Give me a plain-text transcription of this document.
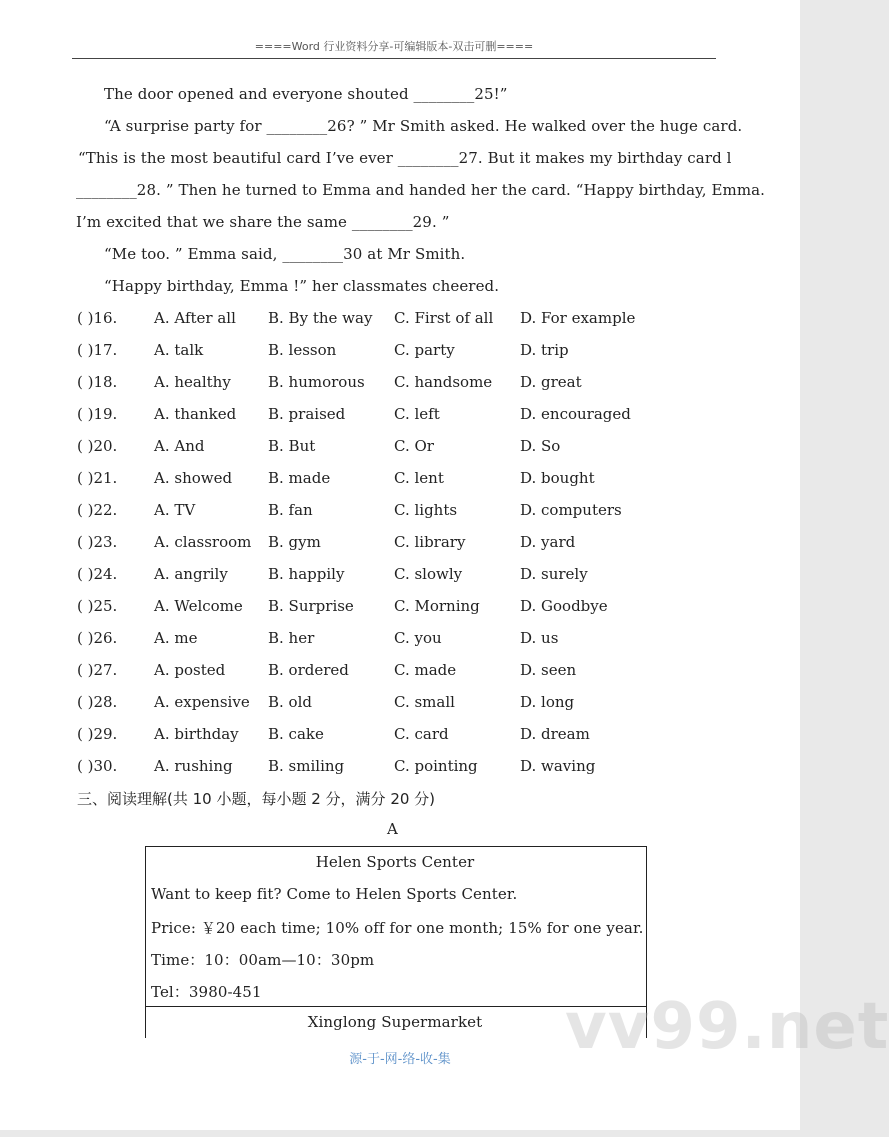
====Word 行业资料分享-可编辑版本-双击可删====
The door opened and everyone shouted ________25!”
“A surprise party for ________26? ” Mr Smith asked. He walked over the huge card.
“This is the most beautiful card I’ve ever ________27. But it makes my birthday card l
________28. ” Then he turned to Emma and handed her the card. “Happy birthday, Emma.
I’m excited that we share the same ________29. ”
“Me too. ” Emma said, ________30 at Mr Smith.
“Happy birthday, Emma !” her classmates cheered.
( )16. A. After all B. By the way C. First of all D. For example
( )17. A. talk	B. lesson	C. party	D. trip
( )18. A. healthy B. humorous C. handsome D. great
( )19. A. thanked B. praised	C. left	D. encouraged
( )20. A. And	B. But	C. Or	D. So
( )21. A. showed B. made	C. lent	D. bought
( )22. A. TV	B. fan	C. lights	D. computers
( )23. A. classroom B. gym	C. library	D. yard
( )24. A. angrily	B. happily	C. slowly	D. surely
( )25. A. Welcome B. Surprise	C. Morning	D. Goodbye
( )26. A. me	B. her	C. you	D. us
( )27. A. posted	B. ordered	C. made	D. seen
( )28. A. expensive B. old	C. small	D. long
( )29. A. birthday B. cake	C. card	D. dream
( )30. A. rushing B. smiling	C. pointing	D. waving
三、阅读理解(共 10 小题，每小题 2 分，满分 20 分)
A
Helen Sports Center
Want to keep fit? Come to Helen Sports Center.
Price: ￥20 each time; 10% off for one month; 15% for one year.
Time：10：00am—10：30pm
Tel：3980-451
Xinglong Supermarket	vv99.net
源-于-网-络-收-集
